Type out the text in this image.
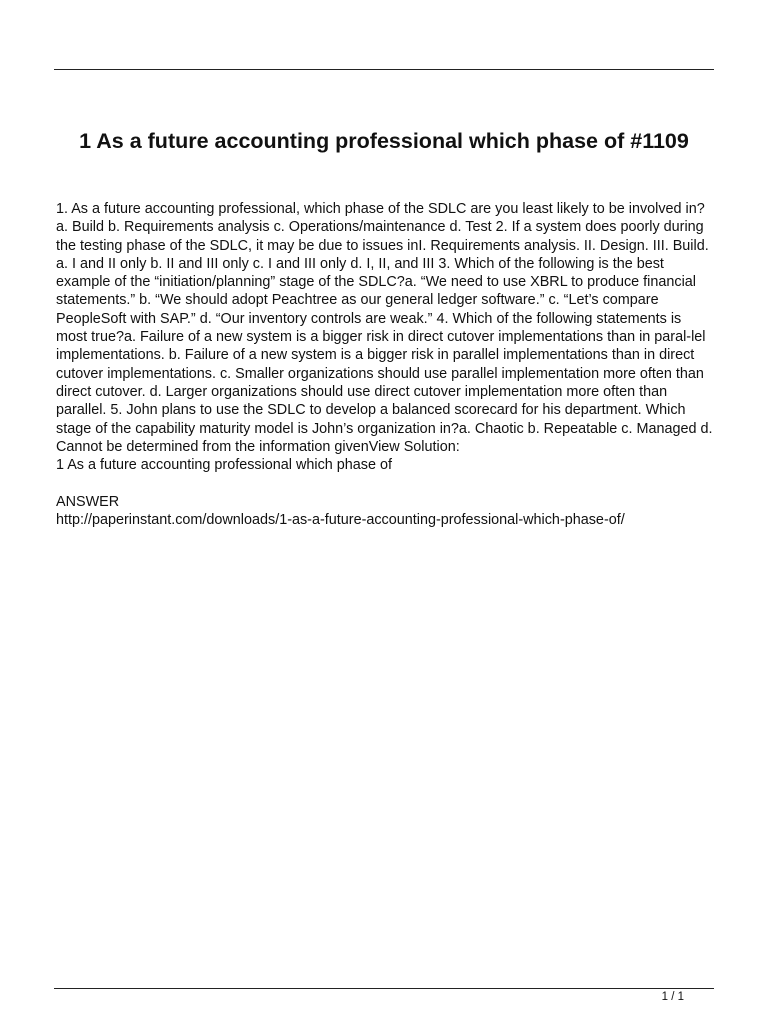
1 As a future accounting professional which phase of #1109

1. As a future accounting professional, which phase of the SDLC are you least likely to be involved in?a. Build b. Requirements analysis c. Operations/maintenance d. Test 2. If a system does poorly during the testing phase of the SDLC, it may be due to issues inI. Requirements analysis. II. Design. III. Build. a. I and II only b. II and III only c. I and III only d. I, II, and III 3. Which of the following is the best example of the “initiation/planning” stage of the SDLC?a. “We need to use XBRL to produce financial statements.” b. “We should adopt Peachtree as our general ledger software.” c. “Let’s compare PeopleSoft with SAP.” d. “Our inventory controls are weak.” 4. Which of the following statements is most true?a. Failure of a new system is a bigger risk in direct cutover implementations than in paral-lel implementations. b. Failure of a new system is a bigger risk in parallel implementations than in direct cutover implementations. c. Smaller organizations should use parallel implementation more often than direct cutover. d. Larger organizations should use direct cutover implementation more often than parallel. 5. John plans to use the SDLC to develop a balanced scorecard for his department. Which stage of the capability maturity model is John’s organization in?a. Chaotic b. Repeatable c. Managed d. Cannot be determined from the information givenView Solution:

1 As a future accounting professional which phase of

ANSWER

http://paperinstant.com/downloads/1-as-a-future-accounting-professional-which-phase-of/

1 / 1
